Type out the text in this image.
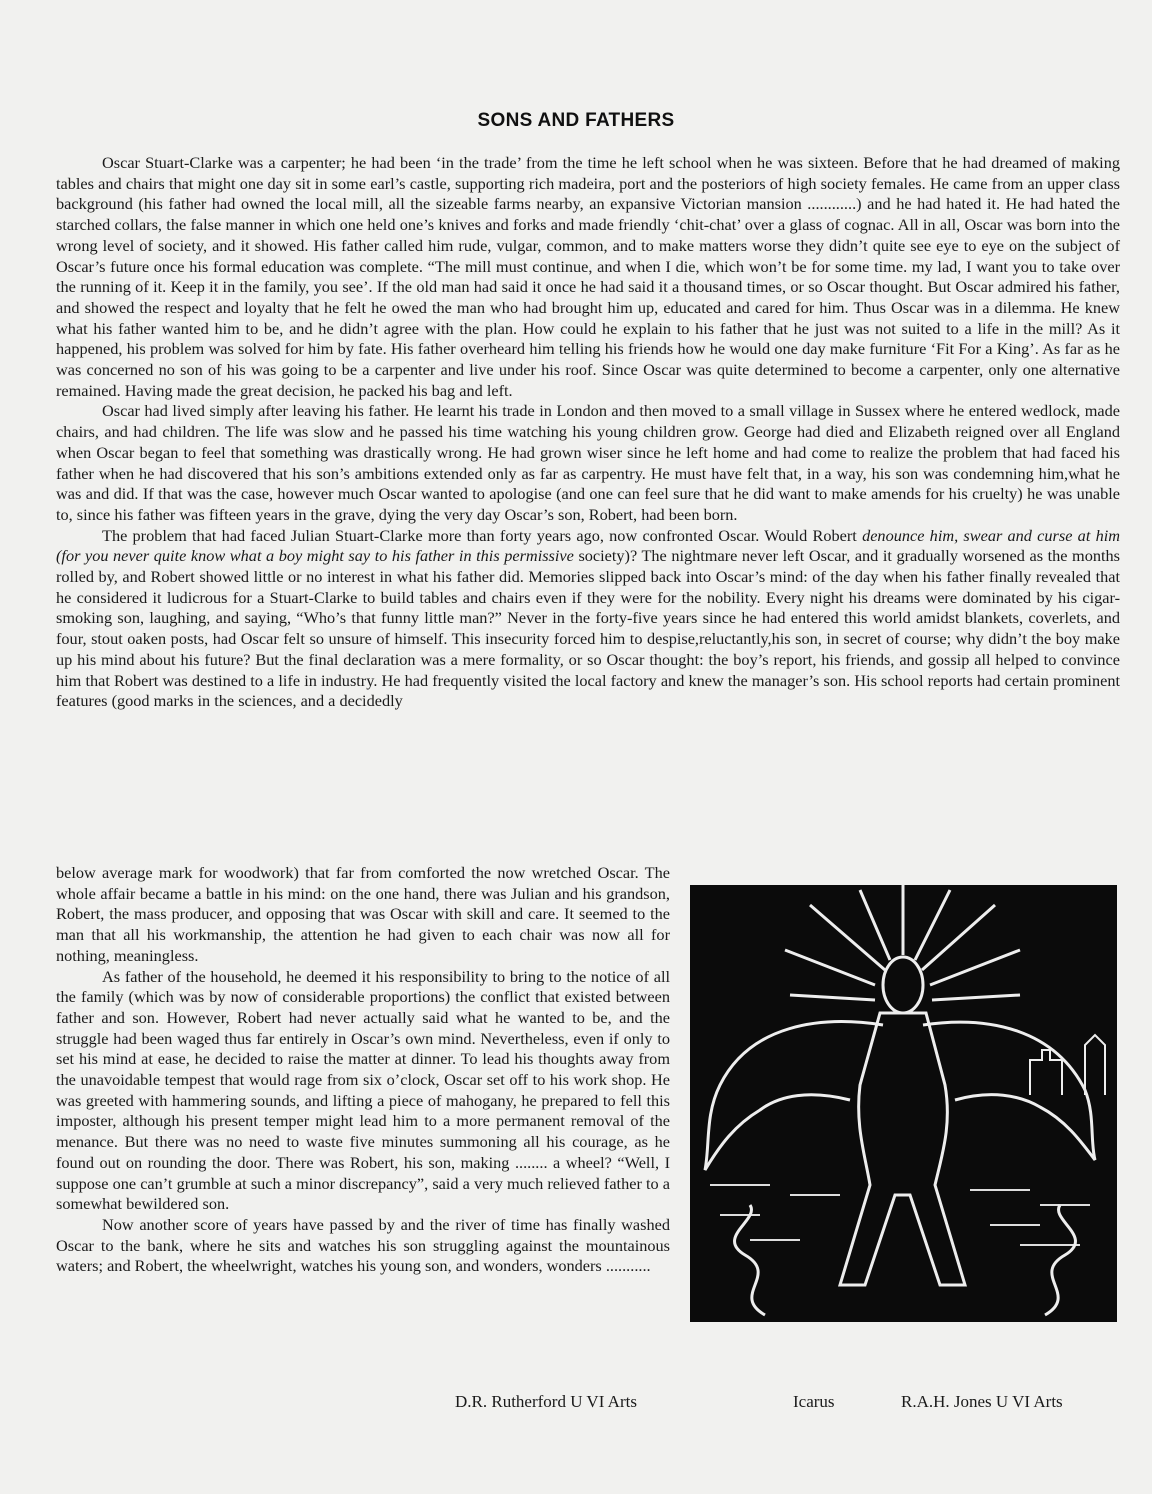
SONS AND FATHERS

Oscar Stuart-Clarke was a carpenter; he had been ‘in the trade’ from the time he left school when he was sixteen. Before that he had dreamed of making tables and chairs that might one day sit in some earl’s castle, supporting rich madeira, port and the posteriors of high society females. He came from an upper class background (his father had owned the local mill, all the sizeable farms nearby, an expansive Victorian mansion ............) and he had hated it. He had hated the starched collars, the false manner in which one held one’s knives and forks and made friendly ‘chit-chat’ over a glass of cognac. All in all, Oscar was born into the wrong level of society, and it showed. His father called him rude, vulgar, common, and to make matters worse they didn’t quite see eye to eye on the subject of Oscar’s future once his formal education was complete. “The mill must continue, and when I die, which won’t be for some time. my lad, I want you to take over the running of it. Keep it in the family, you see’. If the old man had said it once he had said it a thousand times, or so Oscar thought. But Oscar admired his father, and showed the respect and loyalty that he felt he owed the man who had brought him up, educated and cared for him. Thus Oscar was in a dilemma. He knew what his father wanted him to be, and he didn’t agree with the plan. How could he explain to his father that he just was not suited to a life in the mill? As it happened, his problem was solved for him by fate. His father overheard him telling his friends how he would one day make furniture ‘Fit For a King’. As far as he was concerned no son of his was going to be a carpenter and live under his roof. Since Oscar was quite determined to become a carpenter, only one alternative remained. Having made the great decision, he packed his bag and left.

Oscar had lived simply after leaving his father. He learnt his trade in London and then moved to a small village in Sussex where he entered wedlock, made chairs, and had children. The life was slow and he passed his time watching his young children grow. George had died and Elizabeth reigned over all England when Oscar began to feel that something was drastically wrong. He had grown wiser since he left home and had come to realize the problem that had faced his father when he had discovered that his son’s ambitions extended only as far as carpentry. He must have felt that, in a way, his son was condemning him,what he was and did. If that was the case, however much Oscar wanted to apologise (and one can feel sure that he did want to make amends for his cruelty) he was unable to, since his father was fifteen years in the grave, dying the very day Oscar’s son, Robert, had been born.

The problem that had faced Julian Stuart-Clarke more than forty years ago, now confronted Oscar. Would Robert denounce him, swear and curse at him (for you never quite know what a boy might say to his father in this permissive society)? The nightmare never left Oscar, and it gradually worsened as the months rolled by, and Robert showed little or no interest in what his father did. Memories slipped back into Oscar’s mind: of the day when his father finally revealed that he considered it ludicrous for a Stuart-Clarke to build tables and chairs even if they were for the nobility. Every night his dreams were dominated by his cigar-smoking son, laughing, and saying, “Who’s that funny little man?” Never in the forty-five years since he had entered this world amidst blankets, coverlets, and four, stout oaken posts, had Oscar felt so unsure of himself. This insecurity forced him to despise,reluctantly,his son, in secret of course; why didn’t the boy make up his mind about his future? But the final declaration was a mere formality, or so Oscar thought: the boy’s report, his friends, and gossip all helped to convince him that Robert was destined to a life in industry. He had frequently visited the local factory and knew the manager’s son. His school reports had certain prominent features (good marks in the sciences, and a decidedly

below average mark for woodwork) that far from comforted the now wretched Oscar. The whole affair became a battle in his mind: on the one hand, there was Julian and his grandson, Robert, the mass producer, and opposing that was Oscar with skill and care. It seemed to the man that all his workmanship, the attention he had given to each chair was now all for nothing, meaningless.

As father of the household, he deemed it his responsibility to bring to the notice of all the family (which was by now of considerable proportions) the conflict that existed between father and son. However, Robert had never actually said what he wanted to be, and the struggle had been waged thus far entirely in Oscar’s own mind. Nevertheless, even if only to set his mind at ease, he decided to raise the matter at dinner. To lead his thoughts away from the unavoidable tempest that would rage from six o’clock, Oscar set off to his work shop. He was greeted with hammering sounds, and lifting a piece of mahogany, he prepared to fell this imposter, although his present temper might lead him to a more permanent removal of the menance. But there was no need to waste five minutes summoning all his courage, as he found out on rounding the door. There was Robert, his son, making ........ a wheel? “Well, I suppose one can’t grumble at such a minor discrepancy”, said a very much relieved father to a somewhat bewildered son.

Now another score of years have passed by and the river of time has finally washed Oscar to the bank, where he sits and watches his son struggling against the mountainous waters; and Robert, the wheelwright, watches his young son, and wonders, wonders ...........

D.R. Rutherford U VI Arts	Icarus	R.A.H. Jones U VI Arts
